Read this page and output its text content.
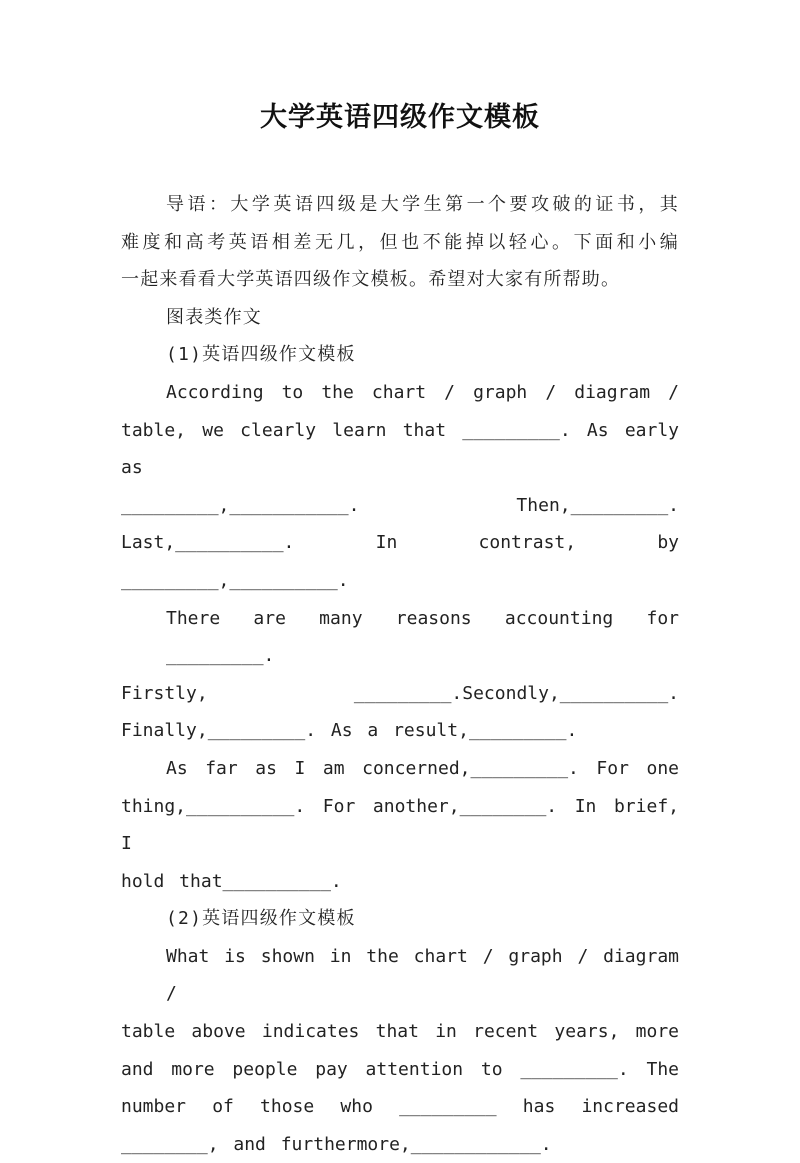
大学英语四级作文模板
导语：大学英语四级是大学生第一个要攻破的证书，其
难度和高考英语相差无几，但也不能掉以轻心。下面和小编
一起来看看大学英语四级作文模板。希望对大家有所帮助。
图表类作文
(1)英语四级作文模板
According to the chart / graph / diagram /
table, we clearly learn that _________. As early as
_________,___________. Then,_________.
Last,__________. In contrast, by
_________,__________.
There are many reasons accounting for _________.
Firstly, _________.Secondly,__________.
Finally,_________. As a result,_________.
As far as I am concerned,_________. For one
thing,__________. For another,________. In brief, I
hold that__________.
(2)英语四级作文模板
What is shown in the chart / graph / diagram /
table above indicates that in recent years, more
and more people pay attention to _________. The
number of those who _________ has increased
________, and furthermore,____________.
